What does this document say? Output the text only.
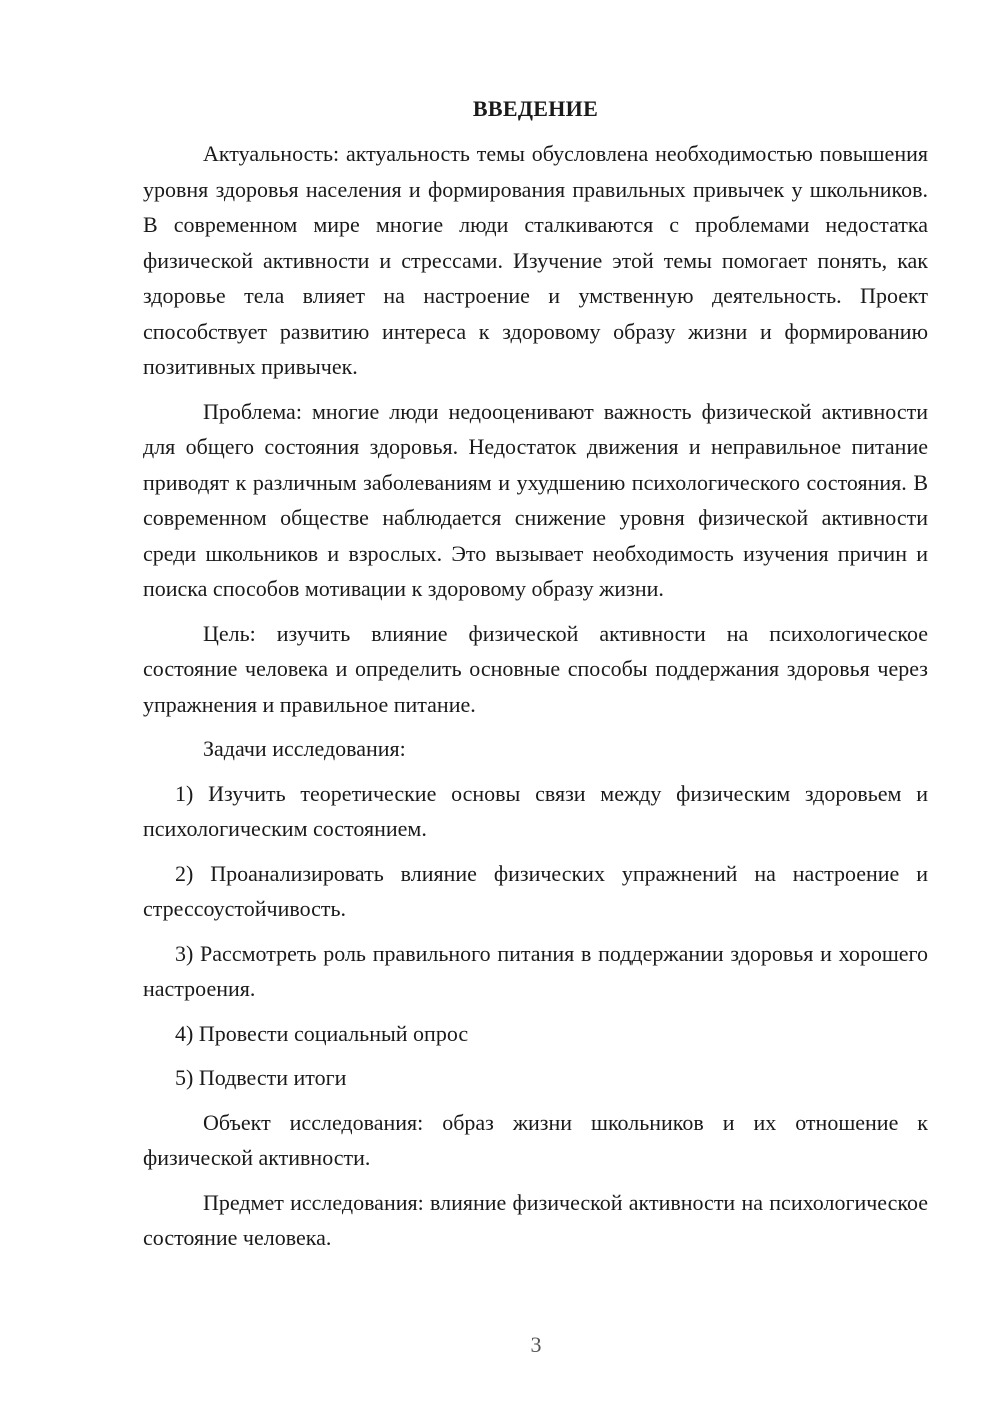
ВВЕДЕНИЕ

Актуальность: актуальность темы обусловлена необходимостью повышения уровня здоровья населения и формирования правильных привычек у школьников. В современном мире многие люди сталкиваются с проблемами недостатка физической активности и стрессами. Изучение этой темы помогает понять, как здоровье тела влияет на настроение и умственную деятельность. Проект способствует развитию интереса к здоровому образу жизни и формированию позитивных привычек.

Проблема: многие люди недооценивают важность физической активности для общего состояния здоровья. Недостаток движения и неправильное питание приводят к различным заболеваниям и ухудшению психологического состояния. В современном обществе наблюдается снижение уровня физической активности среди школьников и взрослых. Это вызывает необходимость изучения причин и поиска способов мотивации к здоровому образу жизни.

Цель: изучить влияние физической активности на психологическое состояние человека и определить основные способы поддержания здоровья через упражнения и правильное питание.

Задачи исследования:

1) Изучить теоретические основы связи между физическим здоровьем и психологическим состоянием.

2) Проанализировать влияние физических упражнений на настроение и стрессоустойчивость.

3) Рассмотреть роль правильного питания в поддержании здоровья и хорошего настроения.

4) Провести социальный опрос

5) Подвести итоги

Объект исследования: образ жизни школьников и их отношение к физической активности.

Предмет исследования: влияние физической активности на психологическое состояние человека.

3
